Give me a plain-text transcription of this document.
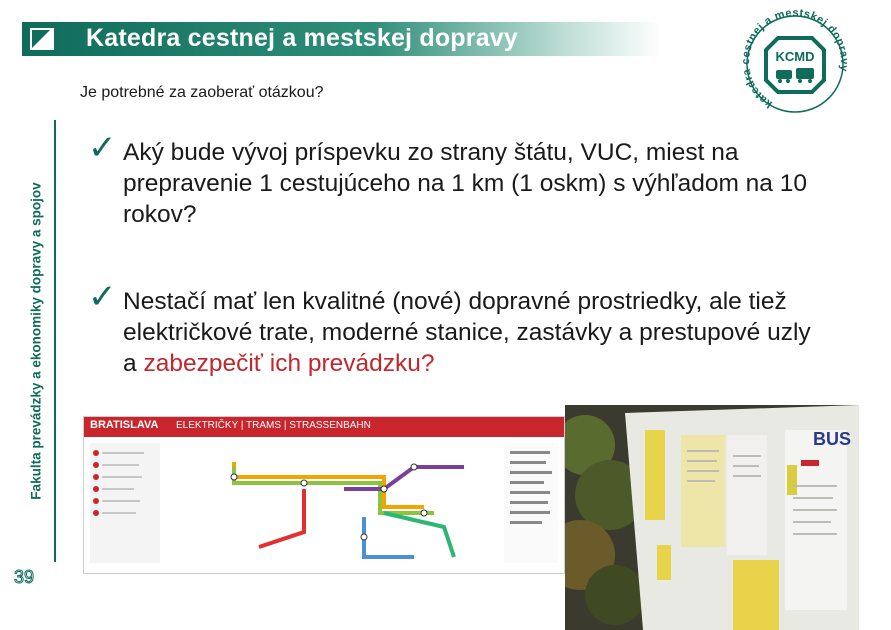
Katedra cestnej a mestskej dopravy
KCMD
katedra cestnej a mestskej dopravy
Fakulta prevádzky a ekonomiky dopravy a spojov
39
Je potrebné za zaoberať otázkou?
✓ Aký bude vývoj príspevku zo strany štátu, VUC, miest na prepravenie 1 cestujúceho na 1 km (1 oskm) s výhľadom na 10 rokov?
✓ Nestačí mať len kvalitné (nové) dopravné prostriedky, ale tiež električkové trate, moderné stanice, zastávky a prestupové uzly a zabezpečiť ich prevádzku?
BRATISLAVA ELEKTRIČKY | TRAMS | STRASSENBAHN
BUS
